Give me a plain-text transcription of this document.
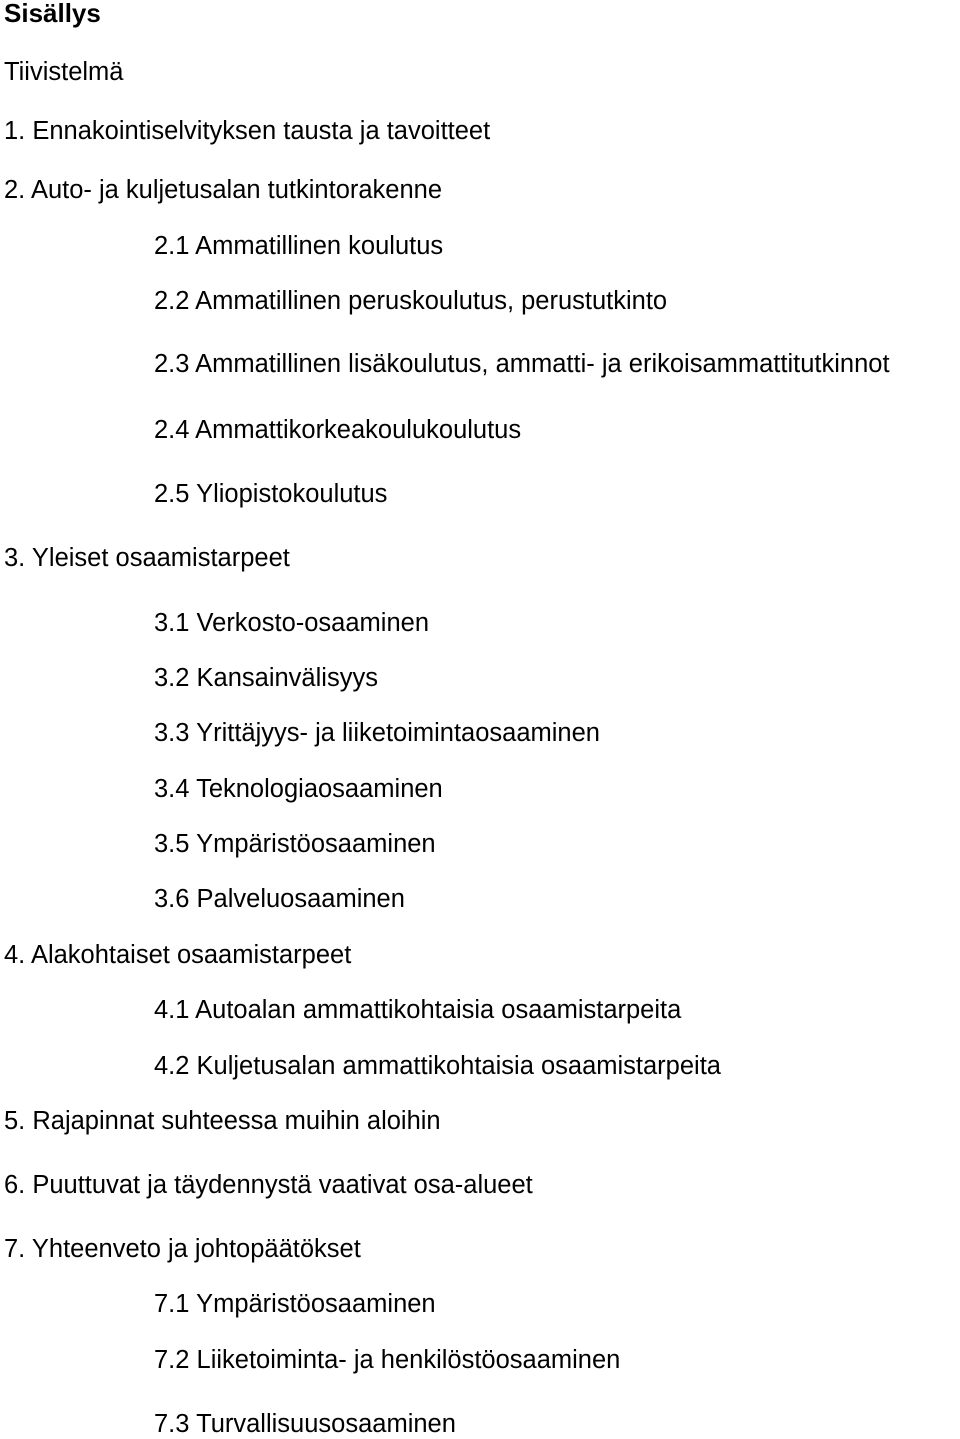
Sisällys
Tiivistelmä
1. Ennakointiselvityksen tausta ja tavoitteet
2. Auto- ja kuljetusalan tutkintorakenne
2.1 Ammatillinen koulutus
2.2 Ammatillinen peruskoulutus, perustutkinto
2.3 Ammatillinen lisäkoulutus, ammatti- ja erikoisammattitutkinnot
2.4 Ammattikorkeakoulukoulutus
2.5 Yliopistokoulutus
3. Yleiset osaamistarpeet
3.1 Verkosto-osaaminen
3.2 Kansainvälisyys
3.3 Yrittäjyys- ja liiketoimintaosaaminen
3.4 Teknologiaosaaminen
3.5 Ympäristöosaaminen
3.6 Palveluosaaminen
4. Alakohtaiset osaamistarpeet
4.1 Autoalan ammattikohtaisia osaamistarpeita
4.2 Kuljetusalan ammattikohtaisia osaamistarpeita
5. Rajapinnat suhteessa muihin aloihin
6. Puuttuvat ja täydennystä vaativat osa-alueet
7. Yhteenveto ja johtopäätökset
7.1 Ympäristöosaaminen
7.2 Liiketoiminta- ja henkilöstöosaaminen
7.3 Turvallisuusosaaminen
